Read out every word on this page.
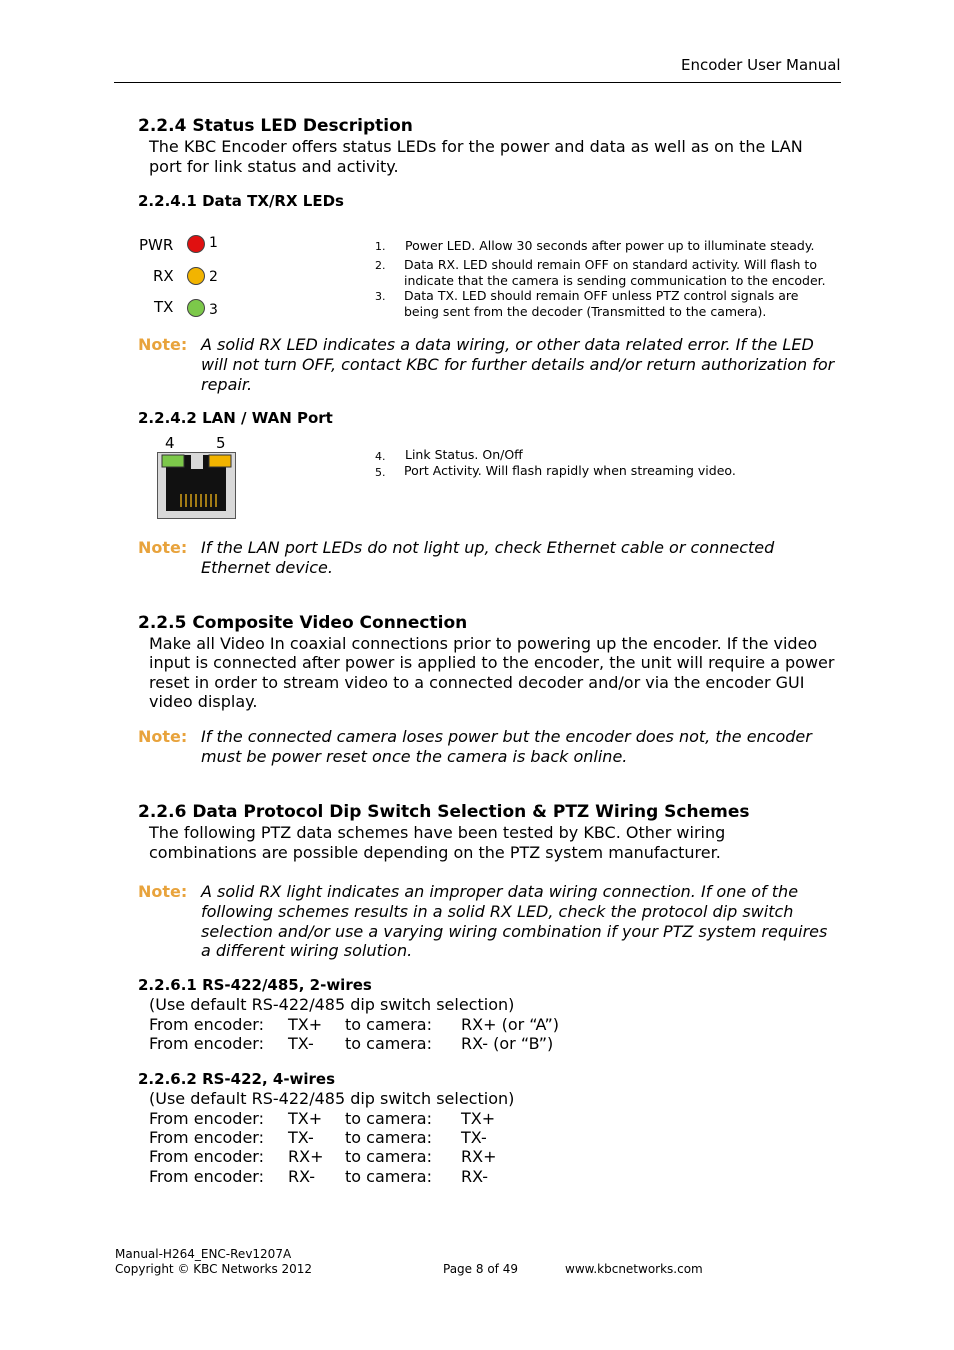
Encoder User Manual
2.2.4 Status LED Description
The KBC Encoder offers status LEDs for the power and data as well as on the LAN
port for link status and activity.
2.2.4.1 Data TX/RX LEDs
PWR	1
RX	2
TX	3
1. Power LED. Allow 30 seconds after power up to illuminate steady.
2. Data RX. LED should remain OFF on standard activity. Will flash to
indicate that the camera is sending communication to the encoder.
3. Data TX. LED should remain OFF unless PTZ control signals are
being sent from the decoder (Transmitted to the camera).
Note: A solid RX LED indicates a data wiring, or other data related error. If the LED will not turn OFF, contact KBC for further details and/or return authorization for repair.
2.2.4.2 LAN / WAN Port
4	5
4. Link Status. On/Off
5. Port Activity. Will flash rapidly when streaming video.
Note: If the LAN port LEDs do not light up, check Ethernet cable or connected Ethernet device.
2.2.5 Composite Video Connection
Make all Video In coaxial connections prior to powering up the encoder. If the video
input is connected after power is applied to the encoder, the unit will require a power
reset in order to stream video to a connected decoder and/or via the encoder GUI
video display.
Note: If the connected camera loses power but the encoder does not, the encoder must be power reset once the camera is back online.
2.2.6 Data Protocol Dip Switch Selection & PTZ Wiring Schemes
The following PTZ data schemes have been tested by KBC. Other wiring
combinations are possible depending on the PTZ system manufacturer.
Note: A solid RX light indicates an improper data wiring connection. If one of the following schemes results in a solid RX LED, check the protocol dip switch selection and/or use a varying wiring combination if your PTZ system requires a different wiring solution.
2.2.6.1 RS-422/485, 2-wires
(Use default RS-422/485 dip switch selection)
From encoder: TX+ to camera: RX+ (or “A”)
From encoder: TX- to camera: RX- (or “B”)
2.2.6.2 RS-422, 4-wires
(Use default RS-422/485 dip switch selection)
From encoder: TX+ to camera: TX+
From encoder: TX- to camera: TX-
From encoder: RX+ to camera: RX+
From encoder: RX- to camera: RX-
Manual-H264_ENC-Rev1207A
Copyright © KBC Networks 2012	Page 8 of 49	www.kbcnetworks.com
